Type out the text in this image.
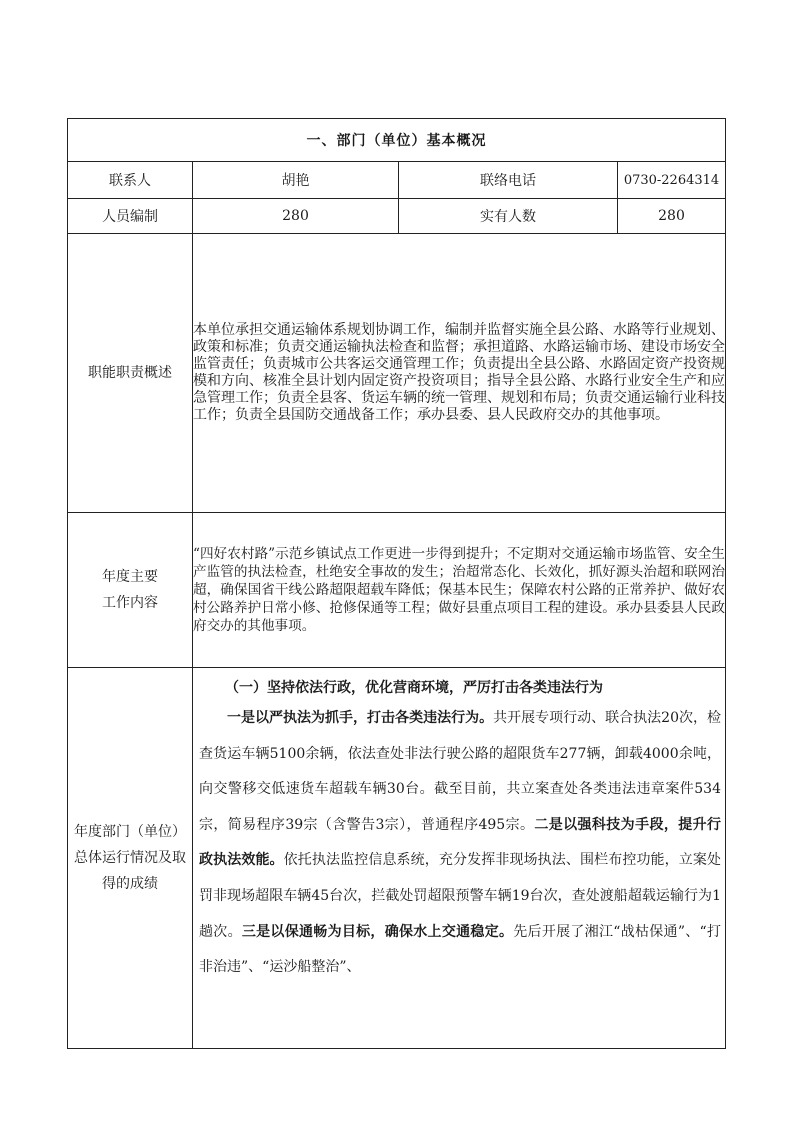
一、部门（单位）基本概况			
联系人	胡艳	联络电话	0730-2264314
人员编制	280	实有人数	280
职能职责概述	本单位承担交通运输体系规划协调工作，编制并监督实施全县公路、水路等行业规划、政策和标准；负责交通运输执法检查和监督；承担道路、水路运输市场、建设市场安全监管责任；负责城市公共客运交通管理工作；负责提出全县公路、水路固定资产投资规模和方向、核准全县计划内固定资产投资项目；指导全县公路、水路行业安全生产和应急管理工作；负责全县客、货运车辆的统一管理、规划和布局；负责交通运输行业科技工作；负责全县国防交通战备工作；承办县委、县人民政府交办的其他事项。		

年度主要
工作内容	“四好农村路”示范乡镇试点工作更进一步得到提升；不定期对交通运输市场监管、安全生产监管的执法检查，杜绝安全事故的发生；治超常态化、长效化，抓好源头治超和联网治超，确保国省干线公路超限超载车降低；保基本民生；保障农村公路的正常养护、做好农村公路养护日常小修、抢修保通等工程；做好县重点项目工程的建设。承办县委县人民政府交办的其他事项。		
年度部门（单位）总体运行情况及取得的成绩	（一）坚持依法行政，优化营商环境，严厉打击各类违法行为

一是以严执法为抓手，打击各类违法行为。共开展专项行动、联合执法20次，检查货运车辆5100余辆，依法查处非法行驶公路的超限货车277辆，卸载4000余吨，向交警移交低速货车超载车辆30台。截至目前，共立案查处各类违法违章案件534宗，简易程序39宗（含警告3宗），普通程序495宗。二是以强科技为手段，提升行政执法效能。依托执法监控信息系统，充分发挥非现场执法、围栏布控功能，立案处罚非现场超限车辆45台次，拦截处罚超限预警车辆19台次，查处渡船超载运输行为1趟次。三是以保通畅为目标，确保水上交通稳定。先后开展了湘江“战枯保通”、“打非治违”、“运沙船整治”、		
